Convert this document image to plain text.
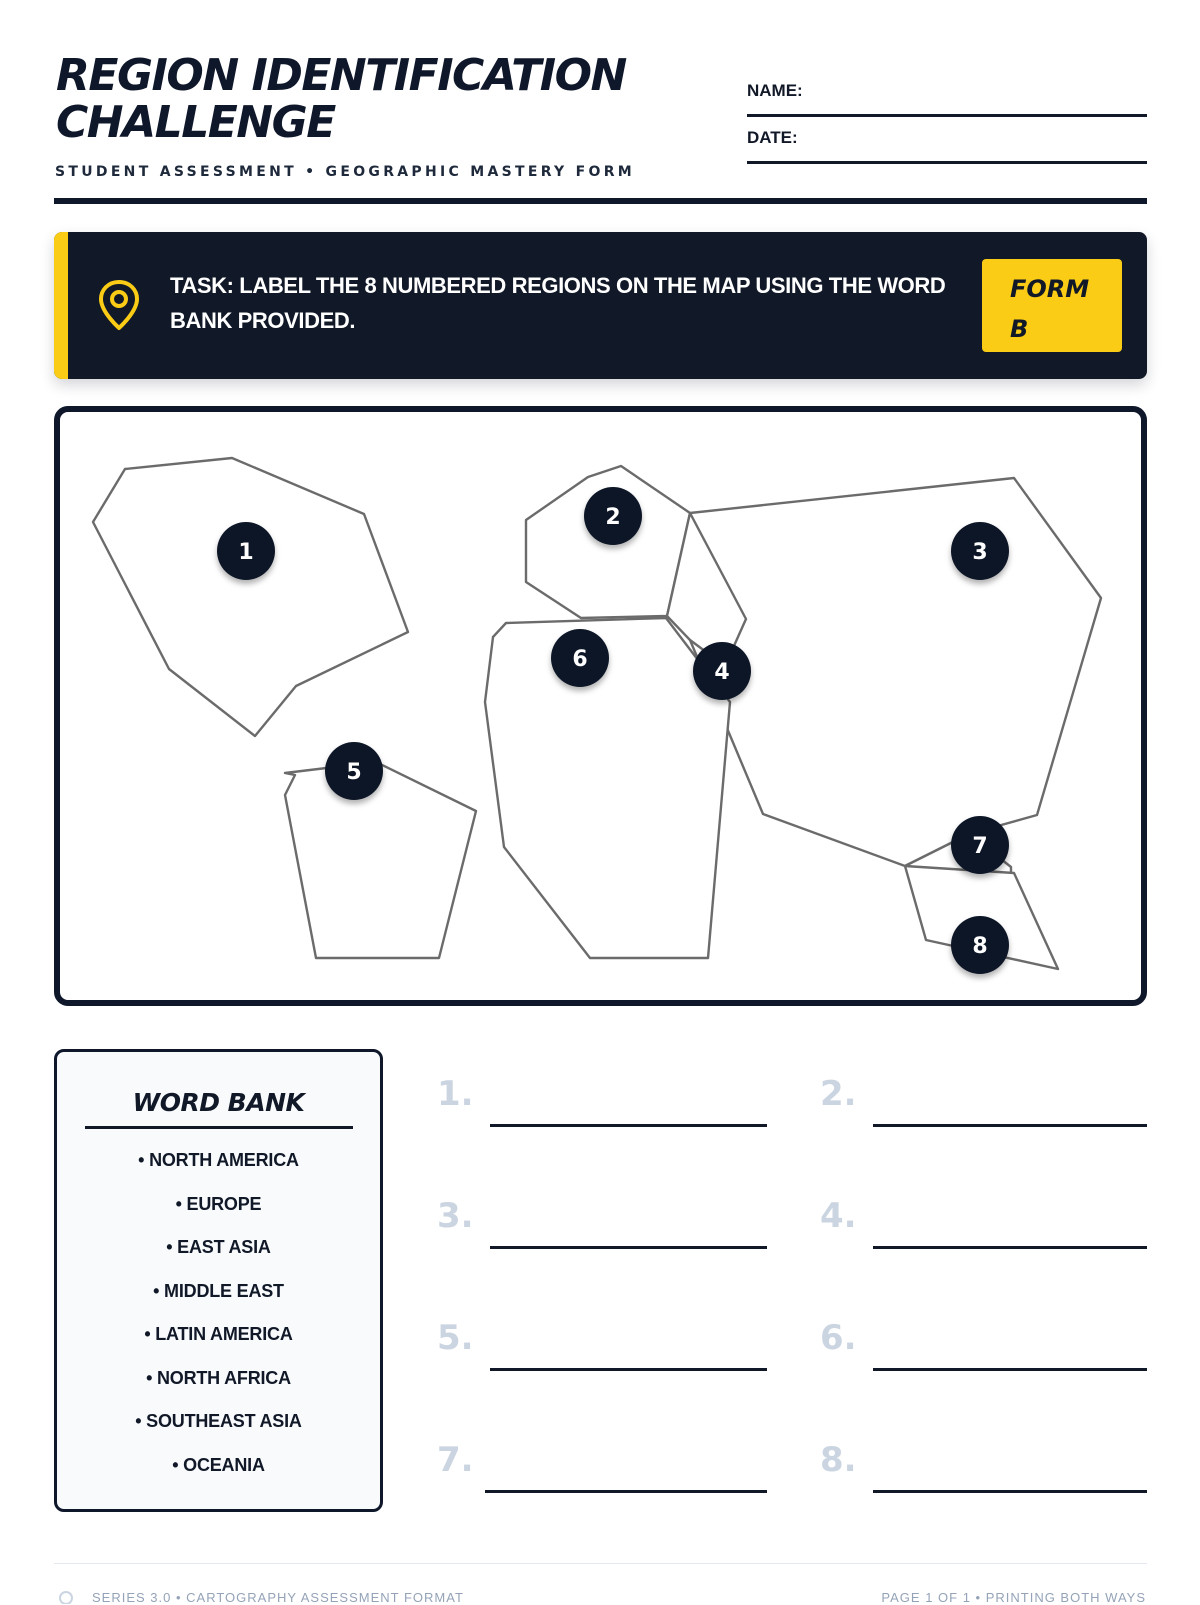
REGION IDENTIFICATION
CHALLENGE
STUDENT ASSESSMENT • GEOGRAPHIC MASTERY FORM
NAME:
DATE:
TASK: LABEL THE 8 NUMBERED REGIONS ON THE MAP USING THE WORD BANK PROVIDED.
FORM
B
1
2
3
4
5
6
7
8
WORD BANK
• NORTH AMERICA
• EUROPE
• EAST ASIA
• MIDDLE EAST
• LATIN AMERICA
• NORTH AFRICA
• SOUTHEAST ASIA
• OCEANIA
1.	2.
3.	4.
5.	6.
7.	8.
SERIES 3.0 • CARTOGRAPHY ASSESSMENT FORMAT	PAGE 1 OF 1 • PRINTING BOTH WAYS
